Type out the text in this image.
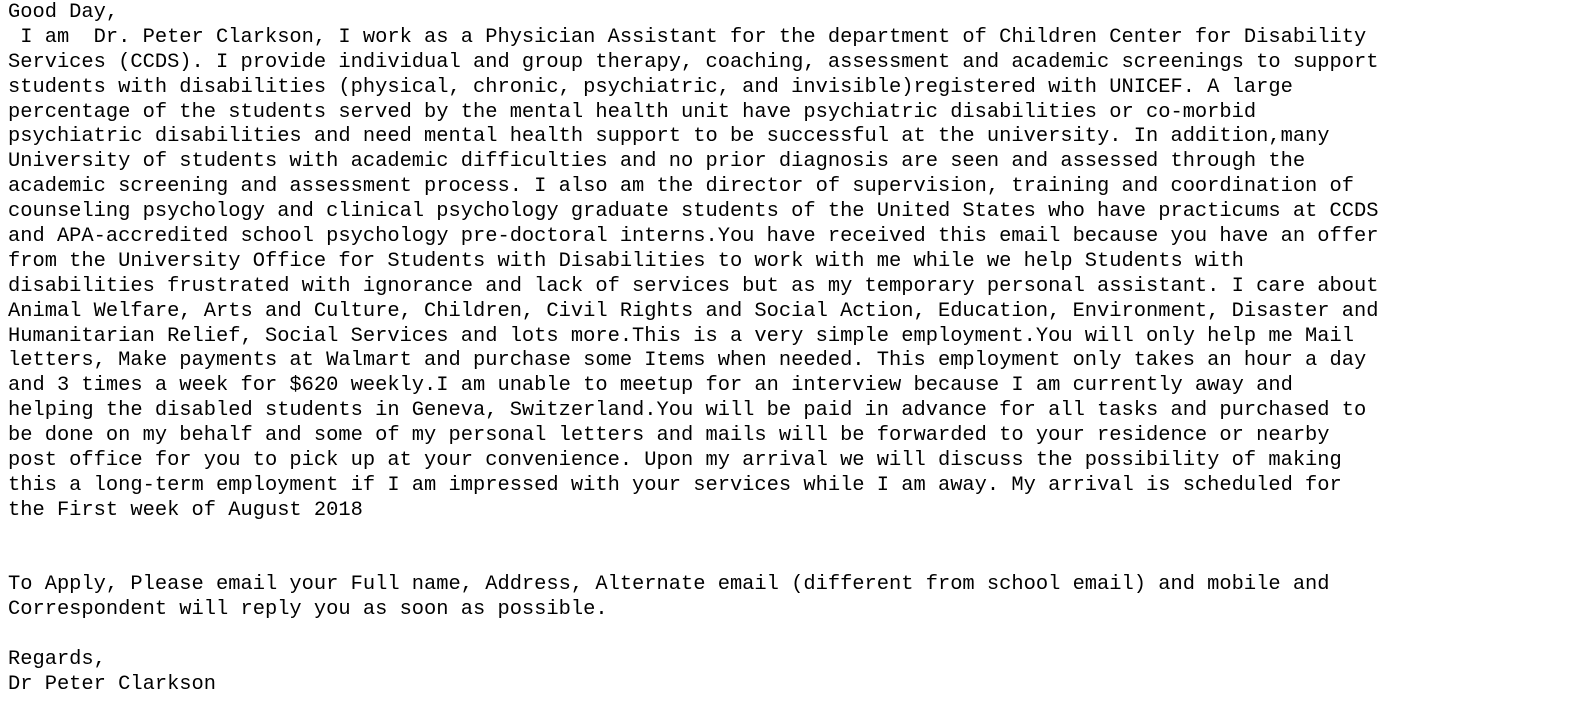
Good Day,
I am  Dr. Peter Clarkson, I work as a Physician Assistant for the department of Children Center for Disability
Services (CCDS). I provide individual and group therapy, coaching, assessment and academic screenings to support
students with disabilities (physical, chronic, psychiatric, and invisible)registered with UNICEF. A large
percentage of the students served by the mental health unit have psychiatric disabilities or co-morbid
psychiatric disabilities and need mental health support to be successful at the university. In addition,many
University of students with academic difficulties and no prior diagnosis are seen and assessed through the
academic screening and assessment process. I also am the director of supervision, training and coordination of
counseling psychology and clinical psychology graduate students of the United States who have practicums at CCDS
and APA-accredited school psychology pre-doctoral interns.You have received this email because you have an offer
from the University Office for Students with Disabilities to work with me while we help Students with
disabilities frustrated with ignorance and lack of services but as my temporary personal assistant. I care about
Animal Welfare, Arts and Culture, Children, Civil Rights and Social Action, Education, Environment, Disaster and
Humanitarian Relief, Social Services and lots more.This is a very simple employment.You will only help me Mail
letters, Make payments at Walmart and purchase some Items when needed. This employment only takes an hour a day
and 3 times a week for $620 weekly.I am unable to meetup for an interview because I am currently away and
helping the disabled students in Geneva, Switzerland.You will be paid in advance for all tasks and purchased to
be done on my behalf and some of my personal letters and mails will be forwarded to your residence or nearby
post office for you to pick up at your convenience. Upon my arrival we will discuss the possibility of making
this a long-term employment if I am impressed with your services while I am away. My arrival is scheduled for
the First week of August 2018
To Apply, Please email your Full name, Address, Alternate email (different from school email) and mobile and
Correspondent will reply you as soon as possible.
Regards,
Dr Peter Clarkson
